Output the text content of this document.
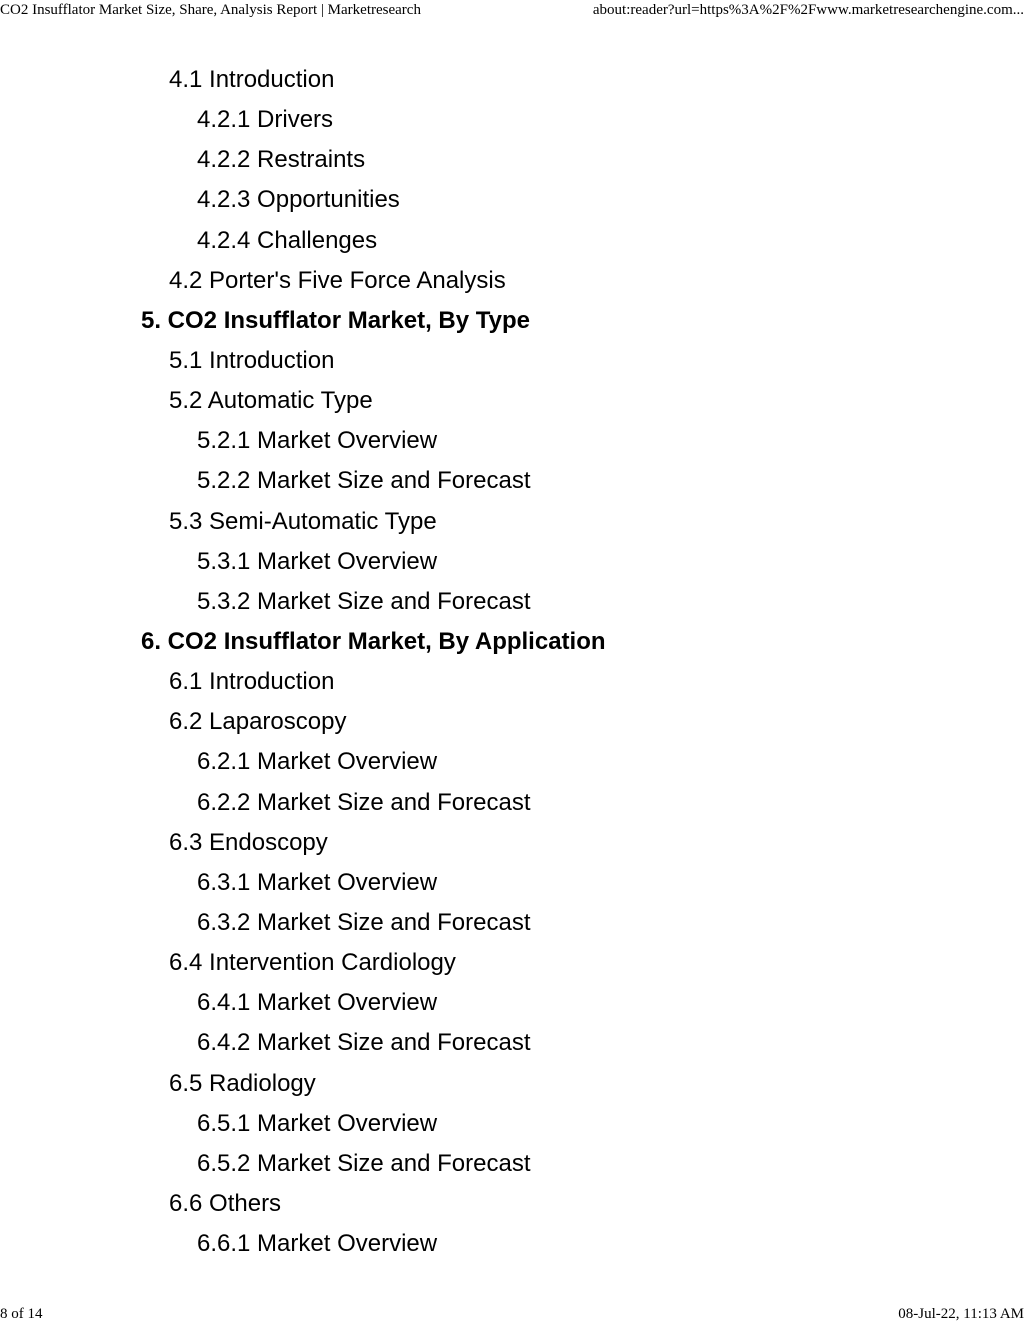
CO2 Insufflator Market Size, Share, Analysis Report | Marketresearch	about:reader?url=https%3A%2F%2Fwww.marketresearchengine.com...
4.1 Introduction
4.2.1 Drivers
4.2.2 Restraints
4.2.3 Opportunities
4.2.4 Challenges
4.2 Porter's Five Force Analysis
5. CO2 Insufflator Market, By Type
5.1 Introduction
5.2 Automatic Type
5.2.1 Market Overview
5.2.2 Market Size and Forecast
5.3 Semi-Automatic Type
5.3.1 Market Overview
5.3.2 Market Size and Forecast
6. CO2 Insufflator Market, By Application
6.1 Introduction
6.2 Laparoscopy
6.2.1 Market Overview
6.2.2 Market Size and Forecast
6.3 Endoscopy
6.3.1 Market Overview
6.3.2 Market Size and Forecast
6.4 Intervention Cardiology
6.4.1 Market Overview
6.4.2 Market Size and Forecast
6.5 Radiology
6.5.1 Market Overview
6.5.2 Market Size and Forecast
6.6 Others
6.6.1 Market Overview
8 of 14	08-Jul-22, 11:13 AM
